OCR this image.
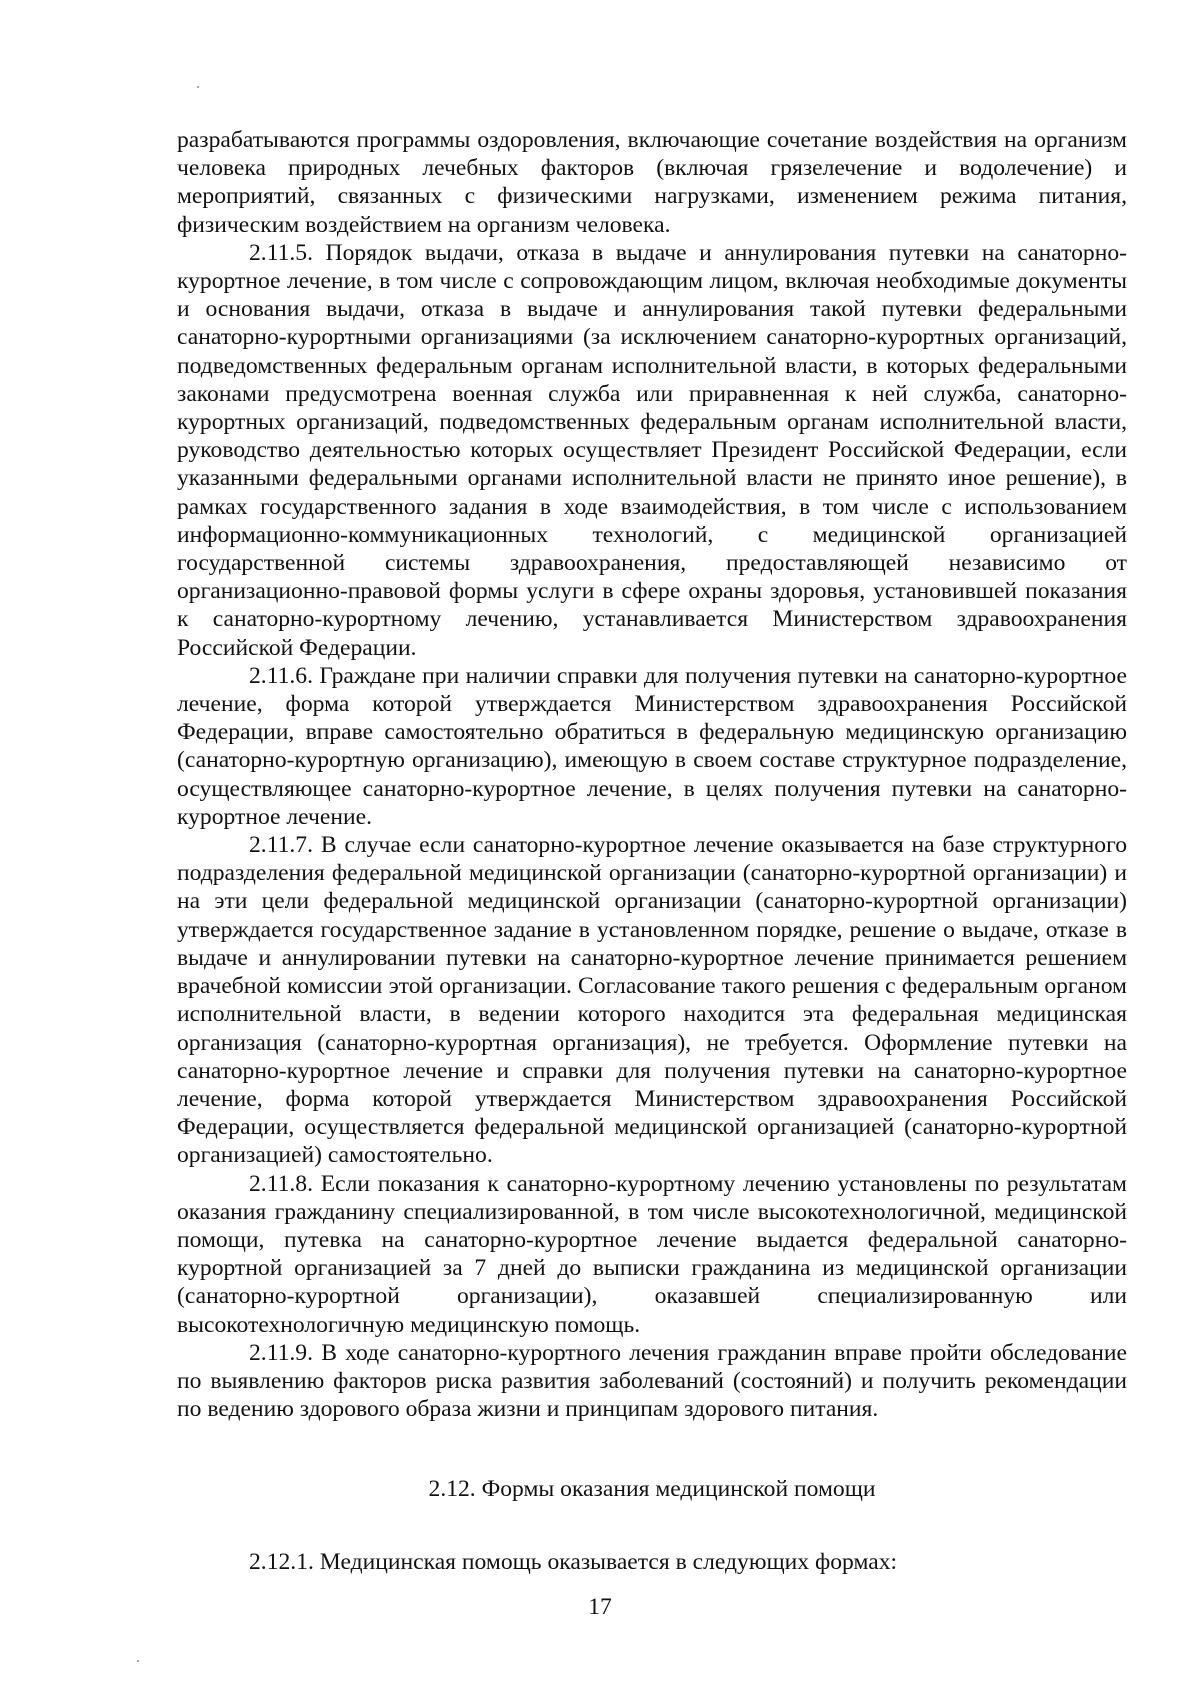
разрабатываются программы оздоровления, включающие сочетание воздействия на организм человека природных лечебных факторов (включая грязелечение и водолечение) и мероприятий, связанных с физическими нагрузками, изменением режима питания, физическим воздействием на организм человека.

2.11.5. Порядок выдачи, отказа в выдаче и аннулирования путевки на санаторно-курортное лечение, в том числе с сопровождающим лицом, включая необходимые документы и основания выдачи, отказа в выдаче и аннулирования такой путевки федеральными санаторно-курортными организациями (за исключением санаторно-курортных организаций, подведомственных федеральным органам исполнительной власти, в которых федеральными законами предусмотрена военная служба или приравненная к ней служба, санаторно-курортных организаций, подведомственных федеральным органам исполнительной власти, руководство деятельностью которых осуществляет Президент Российской Федерации, если указанными федеральными органами исполнительной власти не принято иное решение), в рамках государственного задания в ходе взаимодействия, в том числе с использованием информационно-коммуникационных технологий, с медицинской организацией государственной системы здравоохранения, предоставляющей независимо от организационно-правовой формы услуги в сфере охраны здоровья, установившей показания к санаторно-курортному лечению, устанавливается Министерством здравоохранения Российской Федерации.

2.11.6. Граждане при наличии справки для получения путевки на санаторно-курортное лечение, форма которой утверждается Министерством здравоохранения Российской Федерации, вправе самостоятельно обратиться в федеральную медицинскую организацию (санаторно-курортную организацию), имеющую в своем составе структурное подразделение, осуществляющее санаторно-курортное лечение, в целях получения путевки на санаторно-курортное лечение.

2.11.7. В случае если санаторно-курортное лечение оказывается на базе структурного подразделения федеральной медицинской организации (санаторно-курортной организации) и на эти цели федеральной медицинской организации (санаторно-курортной организации) утверждается государственное задание в установленном порядке, решение о выдаче, отказе в выдаче и аннулировании путевки на санаторно-курортное лечение принимается решением врачебной комиссии этой организации. Согласование такого решения с федеральным органом исполнительной власти, в ведении которого находится эта федеральная медицинская организация (санаторно-курортная организация), не требуется. Оформление путевки на санаторно-курортное лечение и справки для получения путевки на санаторно-курортное лечение, форма которой утверждается Министерством здравоохранения Российской Федерации, осуществляется федеральной медицинской организацией (санаторно-курортной организацией) самостоятельно.

2.11.8. Если показания к санаторно-курортному лечению установлены по результатам оказания гражданину специализированной, в том числе высокотехнологичной, медицинской помощи, путевка на санаторно-курортное лечение выдается федеральной санаторно-курортной организацией за 7 дней до выписки гражданина из медицинской организации (санаторно-курортной организации), оказавшей специализированную или высокотехнологичную медицинскую помощь.

2.11.9. В ходе санаторно-курортного лечения гражданин вправе пройти обследование по выявлению факторов риска развития заболеваний (состояний) и получить рекомендации по ведению здорового образа жизни и принципам здорового питания.

2.12. Формы оказания медицинской помощи
2.12.1. Медицинская помощь оказывается в следующих формах:
17
